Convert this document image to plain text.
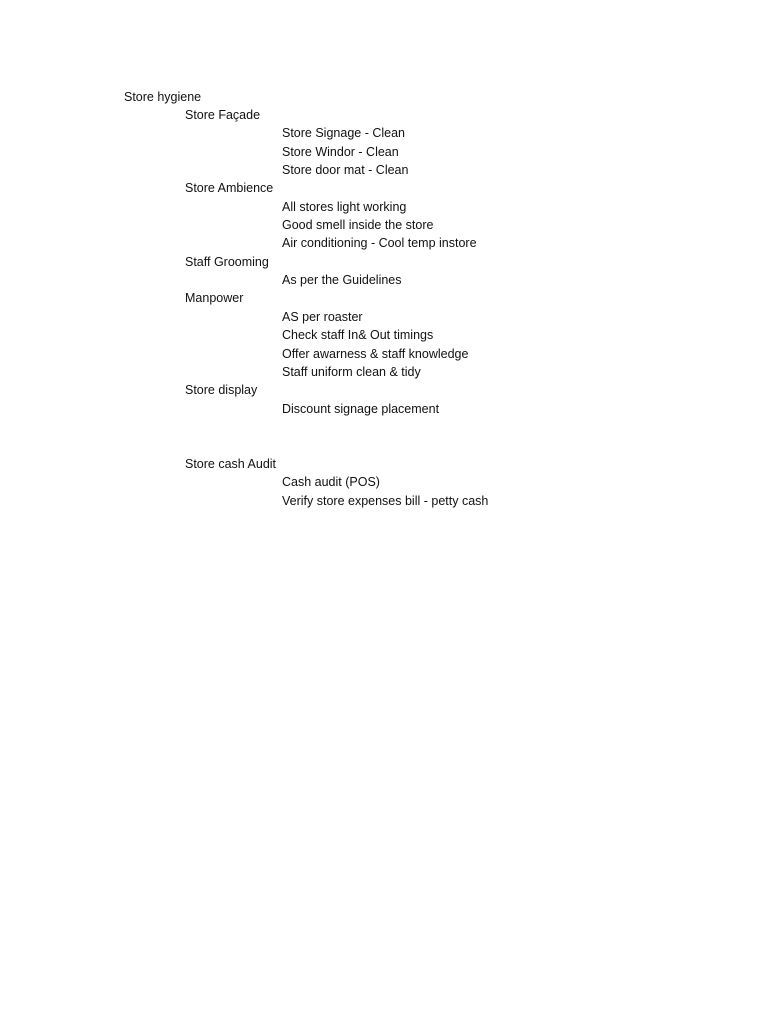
Store hygiene
Store Façade
Store Signage - Clean
Store Windor - Clean
Store door mat - Clean
Store Ambience
All stores light working
Good smell inside the store
Air conditioning - Cool temp instore
Staff Grooming
As per the Guidelines
Manpower
AS per roaster
Check staff In& Out timings
Offer awarness & staff knowledge
Staff uniform clean & tidy
Store display
Discount signage placement
Store cash Audit
Cash audit (POS)
Verify store expenses bill - petty cash
